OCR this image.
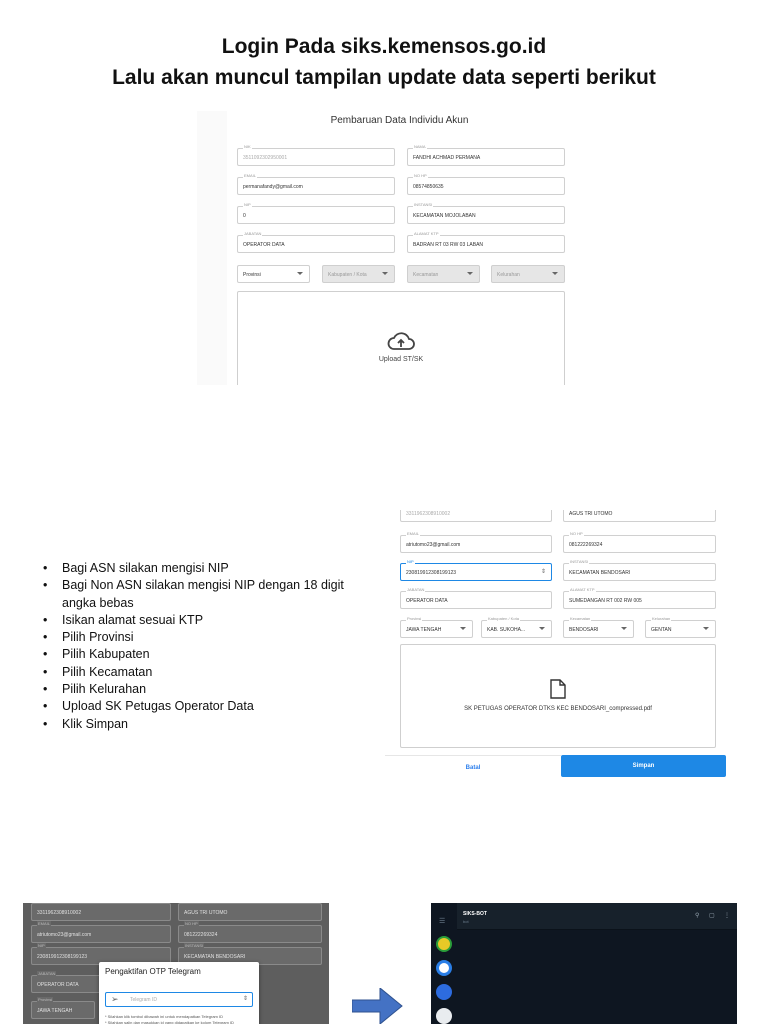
Login Pada siks.kemensos.go.id
Lalu akan muncul tampilan update data seperti berikut
Pembaruan Data Individu Akun
NIK
3511092302950001
NAMA
FANDHI ACHMAD PERMANA
EMAIL
permanafandy@gmail.com
NO HP
08574850635
NIP
0
INSTANSI
KECAMATAN MOJOLABAN
JABATAN
OPERATOR DATA
ALAMAT KTP
BADRAN RT 03 RW 03 LABAN
Provinsi	Kabupaten / Kota	Kecamatan	Kelurahan
Upload ST/SK
• Bagi ASN silakan mengisi NIP
• Bagi Non ASN silakan mengisi NIP dengan 18 digit angka bebas
• Isikan alamat sesuai KTP
• Pilih Provinsi
• Pilih Kabupaten
• Pilih Kecamatan
• Pilih Kelurahan
• Upload SK Petugas Operator Data
• Klik Simpan
3311962308910002	AGUS TRI UTOMO
EMAIL
atriutomo23@gmail.com
NO HP
081222269324
NIP
230819912308199123	⇕
INSTANSI
KECAMATAN BENDOSARI
JABATAN
OPERATOR DATA
ALAMAT KTP
SUMEDANGAN RT 002 RW 005
Provinsi
JAWA TENGAH
Kabupaten / Kota
KAB. SUKOHA...
Kecamatan
BENDOSARI
Kelurahan
GENTAN
SK PETUGAS OPERATOR DTKS KEC BENDOSARI_compressed.pdf
Batal	Simpan
3311962308910002	AGUS TRI UTOMO
EMAIL
atriutomo23@gmail.com
NO HP
081222269324
NIP
230819912308199123
INSTANSI
KECAMATAN BENDOSARI
JABATAN
OPERATOR DATA
Provinsi
JAWA TENGAH
Pengaktifan OTP Telegram
➢ Telegram ID	⇕
* Silahkan klik tombol dibawah ini untuk mendapatkan Telegram ID
* Silahkan salin dan masukkan id yang didapatkan ke kolom Telegram ID
☰
SIKS-BOT
bot
⚲ ▢ ⋮
